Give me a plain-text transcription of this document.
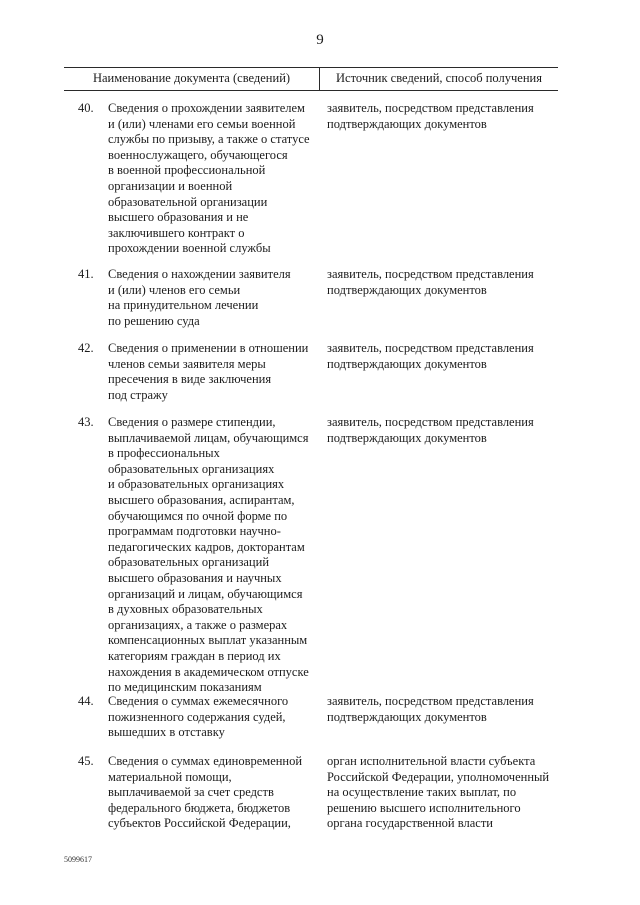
9
Наименование документа (сведений)	Источник сведений, способ получения
40. Сведения о прохождении заявителем
и (или) членами его семьи военной
службы по призыву, а также о статусе
военнослужащего, обучающегося
в военной профессиональной
организации и военной
образовательной организации
высшего образования и не
заключившего контракт о
прохождении военной службы
заявитель, посредством представления
подтверждающих документов
41. Сведения о нахождении заявителя
и (или) членов его семьи
на принудительном лечении
по решению суда
заявитель, посредством представления
подтверждающих документов
42. Сведения о применении в отношении
членов семьи заявителя меры
пресечения в виде заключения
под стражу
заявитель, посредством представления
подтверждающих документов
43. Сведения о размере стипендии,
выплачиваемой лицам, обучающимся
в профессиональных
образовательных организациях
и образовательных организациях
высшего образования, аспирантам,
обучающимся по очной форме по
программам подготовки научно-
педагогических кадров, докторантам
образовательных организаций
высшего образования и научных
организаций и лицам, обучающимся
в духовных образовательных
организациях, а также о размерах
компенсационных выплат указанным
категориям граждан в период их
нахождения в академическом отпуске
по медицинским показаниям
заявитель, посредством представления
подтверждающих документов
44. Сведения о суммах ежемесячного
пожизненного содержания судей,
вышедших в отставку
заявитель, посредством представления
подтверждающих документов
45. Сведения о суммах единовременной
материальной помощи,
выплачиваемой за счет средств
федерального бюджета, бюджетов
субъектов Российской Федерации,
орган исполнительной власти субъекта
Российской Федерации, уполномоченный
на осуществление таких выплат, по
решению высшего исполнительного
органа государственной власти
5099617
